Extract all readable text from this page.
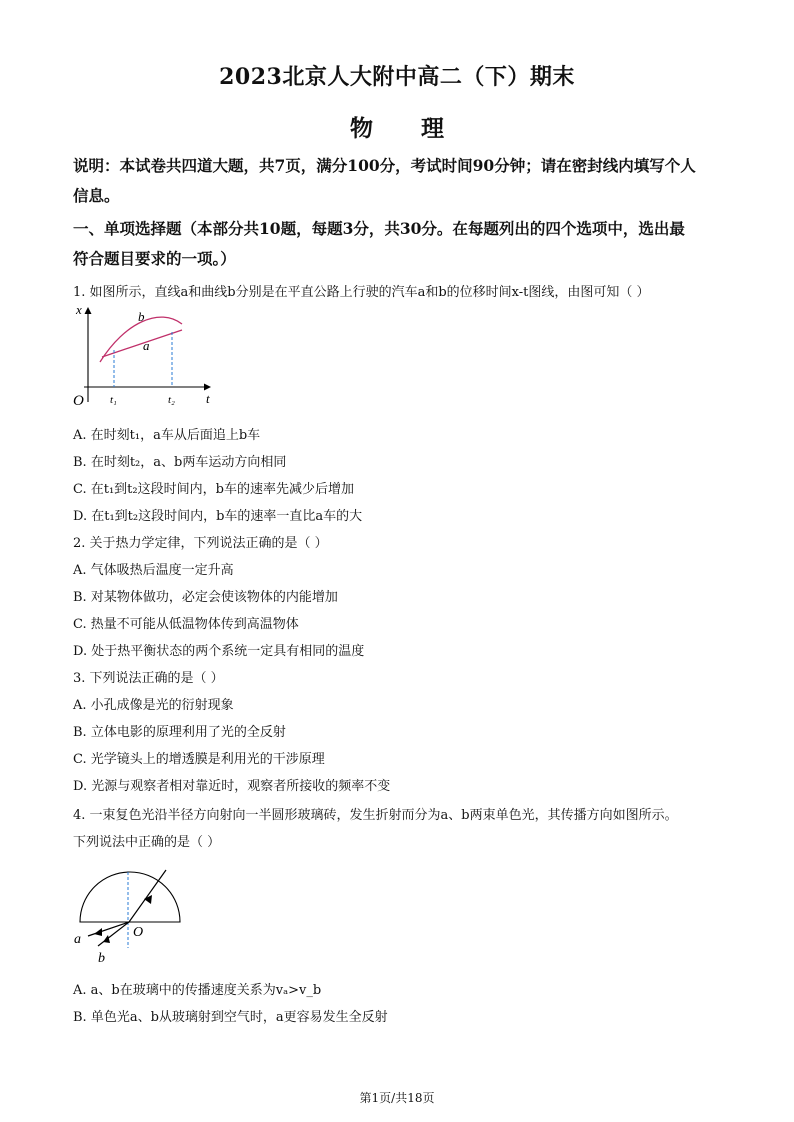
2023北京人大附中高二（下）期末
物 理
说明：本试卷共四道大题，共7页，满分100分，考试时间90分钟；请在密封线内填写个人
信息。
一、单项选择题（本部分共10题，每题3分，共30分。在每题列出的四个选项中，选出最
符合题目要求的一项。）
1. 如图所示，直线a和曲线b分别是在平直公路上行驶的汽车a和b的位移时间x-t图线，由图可知（ ）
x
t
O t₁	t₂
b
a
A. 在时刻t₁，a车从后面追上b车
B. 在时刻t₂，a、b两车运动方向相同
C. 在t₁到t₂这段时间内，b车的速率先减少后增加
D. 在t₁到t₂这段时间内，b车的速率一直比a车的大
2. 关于热力学定律，下列说法正确的是（ ）
A. 气体吸热后温度一定升高
B. 对某物体做功，必定会使该物体的内能增加
C. 热量不可能从低温物体传到高温物体
D. 处于热平衡状态的两个系统一定具有相同的温度
3. 下列说法正确的是（ ）
A. 小孔成像是光的衍射现象
B. 立体电影的原理利用了光的全反射
C. 光学镜头上的增透膜是利用光的干涉原理
D. 光源与观察者相对靠近时，观察者所接收的频率不变
4. 一束复色光沿半径方向射向一半圆形玻璃砖，发生折射而分为a、b两束单色光，其传播方向如图所示。
下列说法中正确的是（ ）
a
b
O
A. a、b在玻璃中的传播速度关系为vₐ>v_b
B. 单色光a、b从玻璃射到空气时，a更容易发生全反射
第1页/共18页
